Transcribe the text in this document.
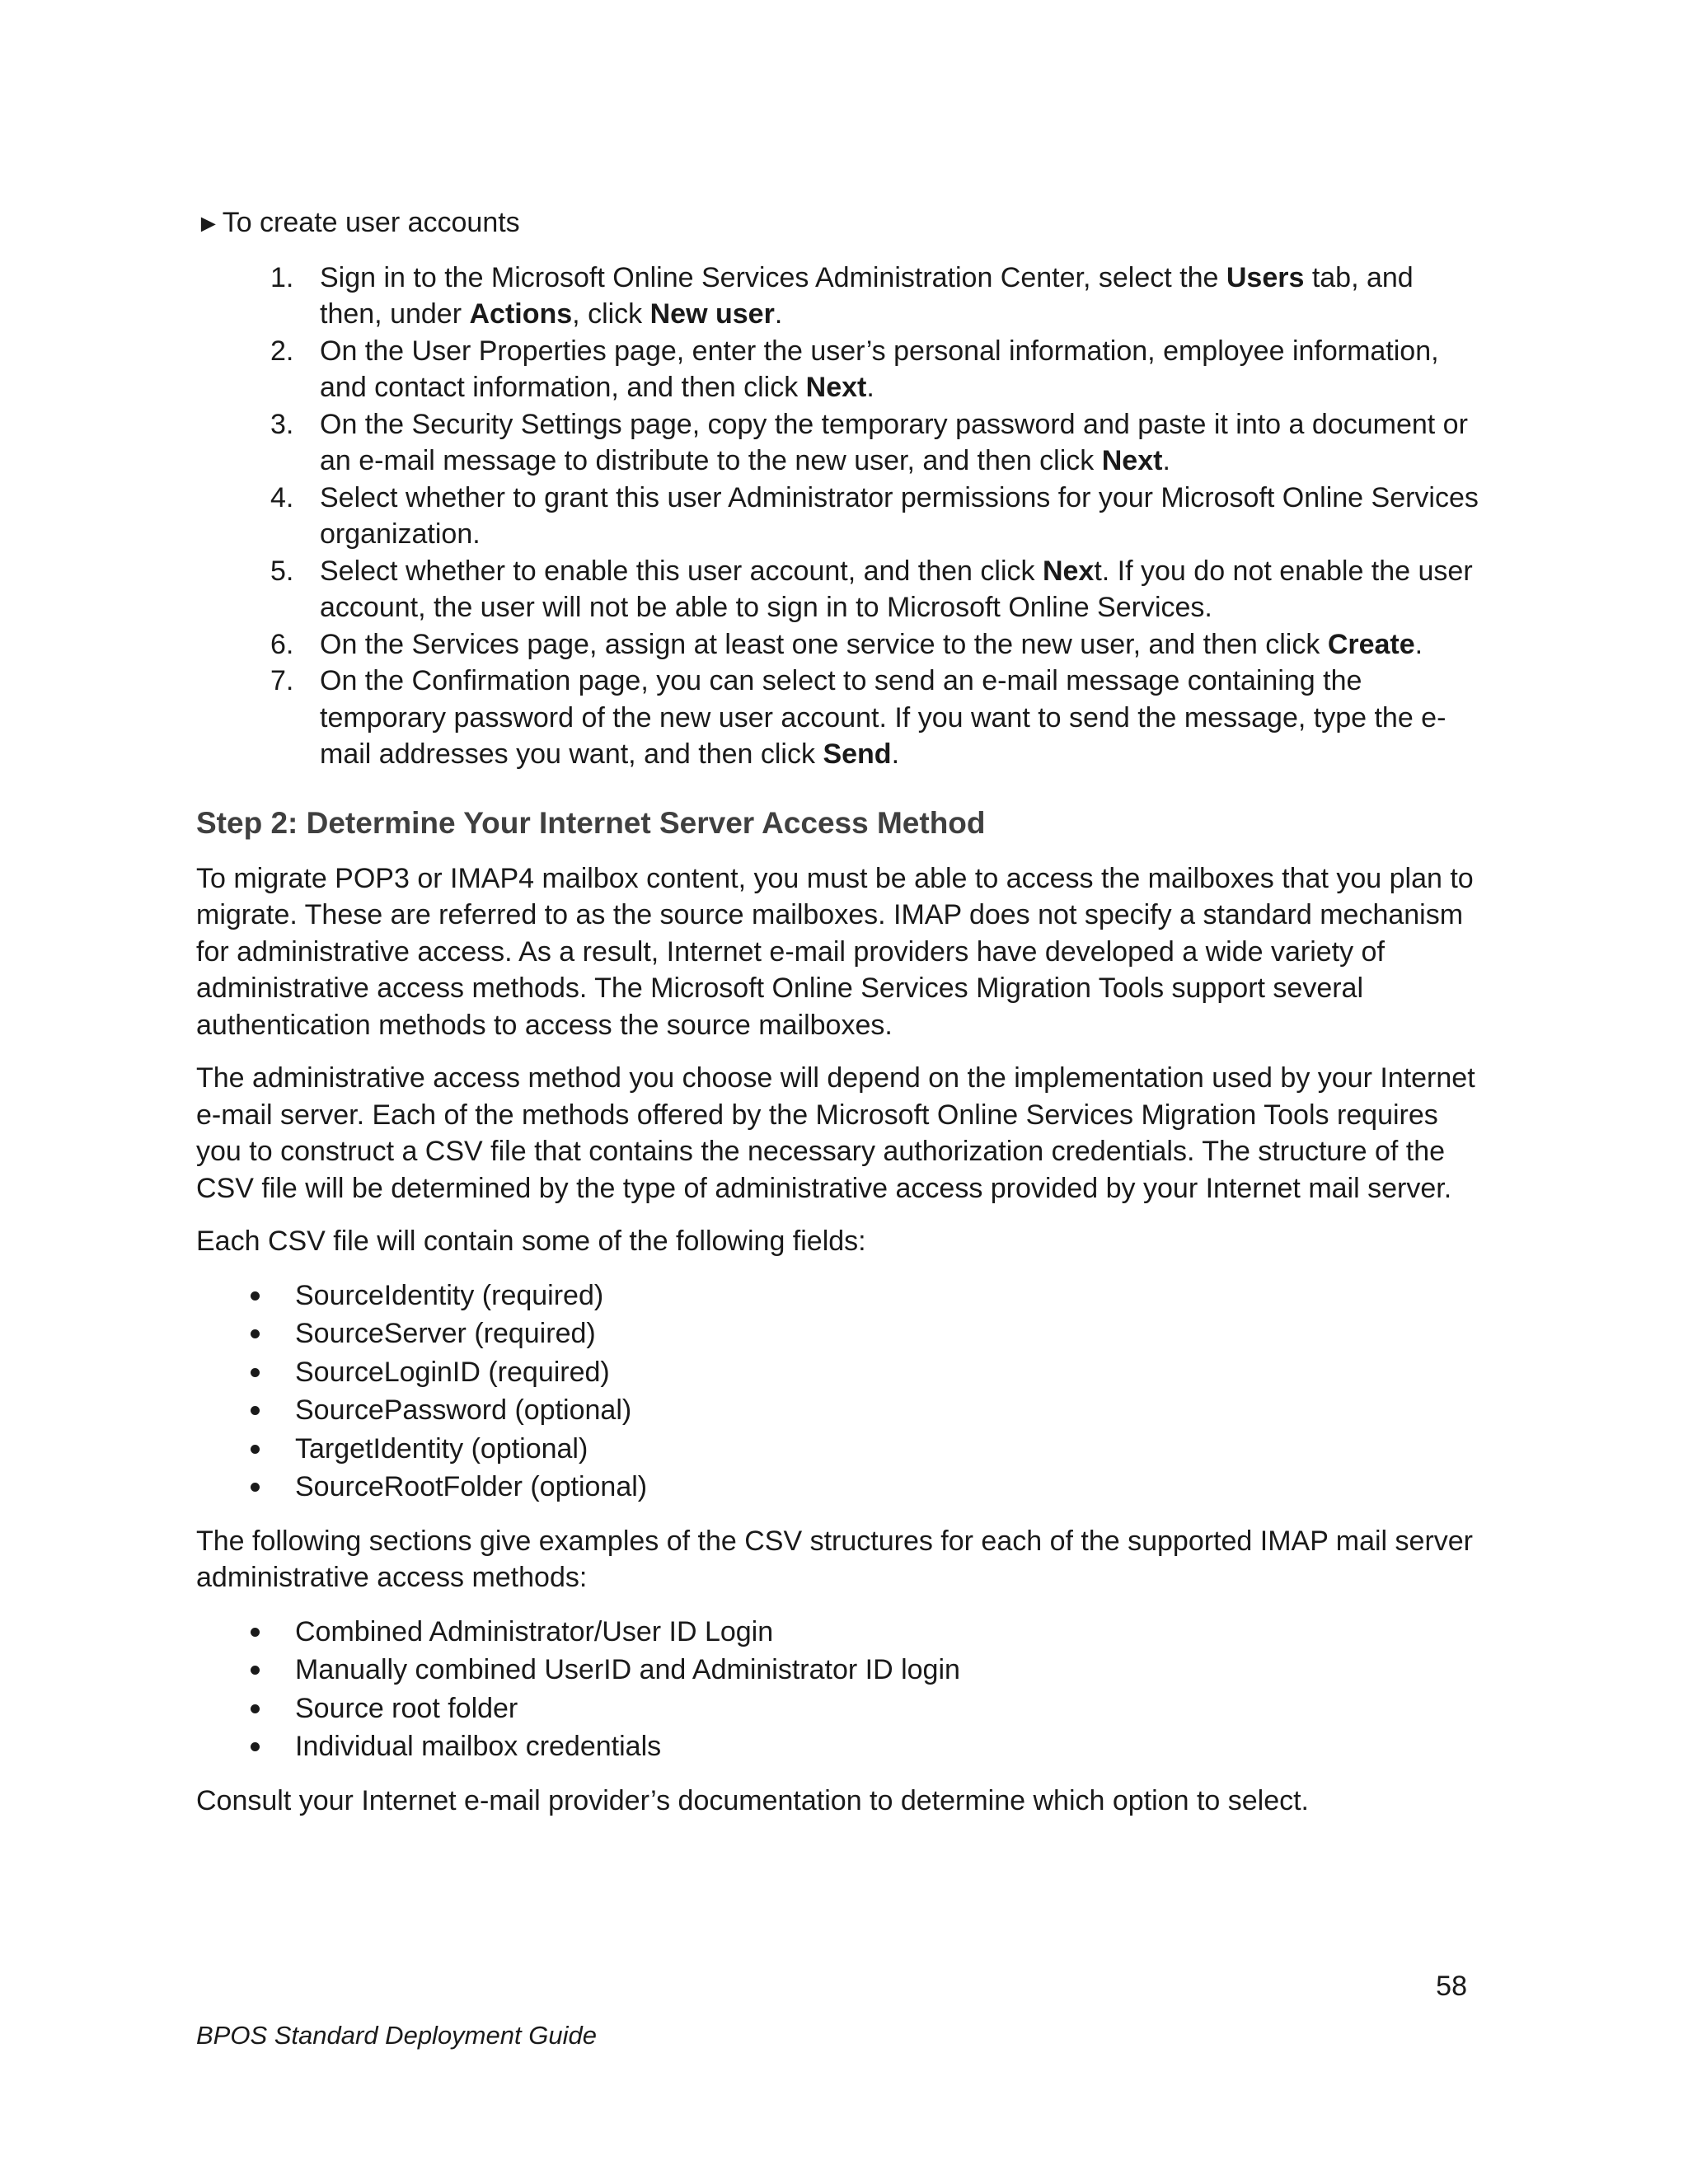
►To create user accounts
1. Sign in to the Microsoft Online Services Administration Center, select the Users tab, and then, under Actions, click New user.
2. On the User Properties page, enter the user’s personal information, employee information, and contact information, and then click Next.
3. On the Security Settings page, copy the temporary password and paste it into a document or an e-mail message to distribute to the new user, and then click Next.
4. Select whether to grant this user Administrator permissions for your Microsoft Online Services organization.
5. Select whether to enable this user account, and then click Next. If you do not enable the user account, the user will not be able to sign in to Microsoft Online Services.
6. On the Services page, assign at least one service to the new user, and then click Create.
7. On the Confirmation page, you can select to send an e-mail message containing the temporary password of the new user account. If you want to send the message, type the e-mail addresses you want, and then click Send.
Step 2: Determine Your Internet Server Access Method

To migrate POP3 or IMAP4 mailbox content, you must be able to access the mailboxes that you plan to migrate. These are referred to as the source mailboxes. IMAP does not specify a standard mechanism for administrative access. As a result, Internet e-mail providers have developed a wide variety of administrative access methods. The Microsoft Online Services Migration Tools support several authentication methods to access the source mailboxes.

The administrative access method you choose will depend on the implementation used by your Internet e-mail server. Each of the methods offered by the Microsoft Online Services Migration Tools requires you to construct a CSV file that contains the necessary authorization credentials. The structure of the CSV file will be determined by the type of administrative access provided by your Internet mail server.

Each CSV file will contain some of the following fields:

SourceIdentity (required)
SourceServer (required)
SourceLoginID (required)
SourcePassword (optional)
TargetIdentity (optional)
SourceRootFolder (optional)

The following sections give examples of the CSV structures for each of the supported IMAP mail server administrative access methods:

Combined Administrator/User ID Login
Manually combined UserID and Administrator ID login
Source root folder
Individual mailbox credentials

Consult your Internet e-mail provider’s documentation to determine which option to select.

58
BPOS Standard Deployment Guide
